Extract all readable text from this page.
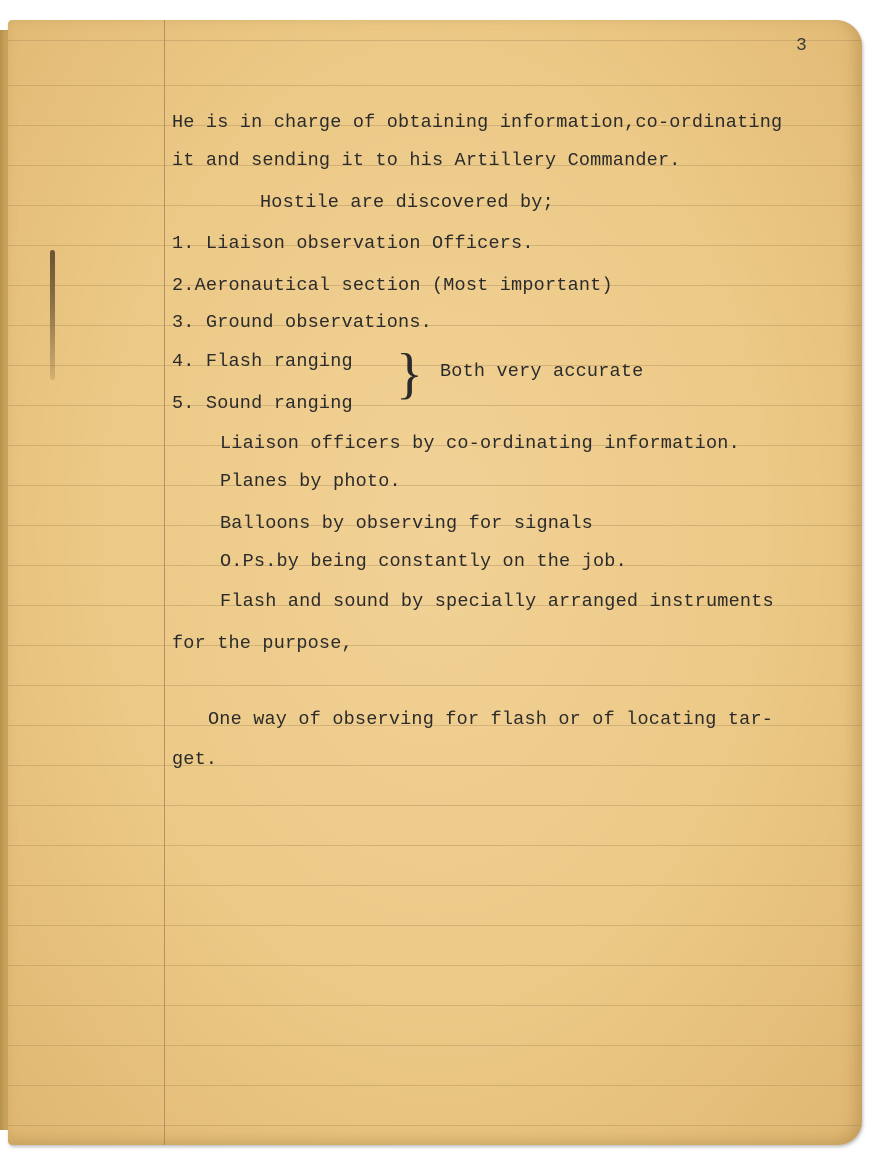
3
He is in charge of obtaining information,co-ordinating
it and sending it to his Artillery Commander.
Hostile are discovered by;
1. Liaison observation Officers.
2.Aeronautical section (Most important)
3. Ground observations.
4. Flash ranging } Both very accurate
5. Sound ranging
Liaison officers by co-ordinating information.
Planes by photo.
Balloons by observing for signals
O.Ps.by being constantly on the job.
Flash and sound by specially arranged instruments
for the purpose,
One way of observing for flash or of locating tar-
get.
